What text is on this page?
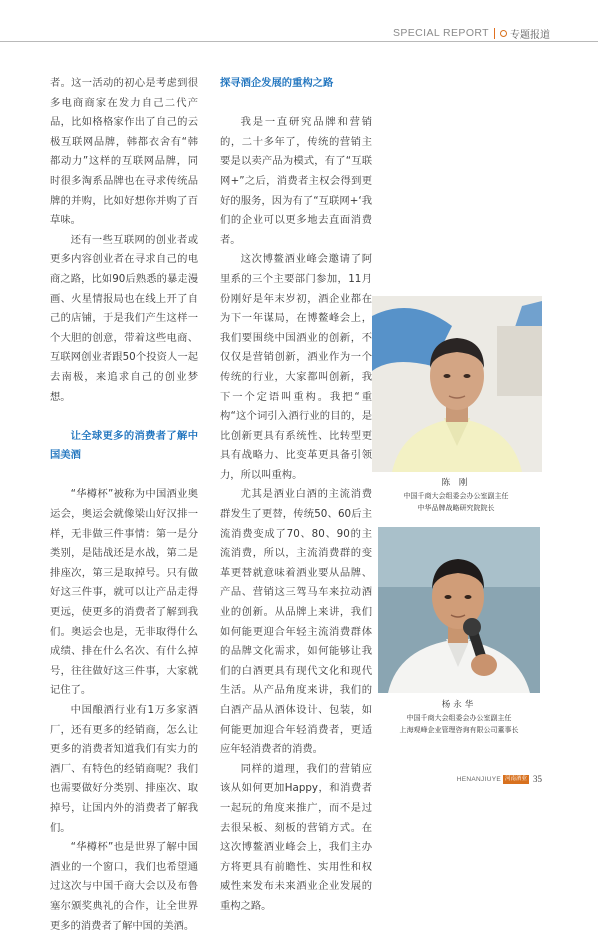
SPECIAL REPORT 专题报道

者。这一活动的初心是考虑到很多电商商家在发力自己二代产品，比如格格家作出了自己的云极互联网品牌，韩都衣舍有“韩都动力”这样的互联网品牌，同时很多淘系品牌也在寻求传统品牌的并购，比如好想你并购了百草味。

还有一些互联网的创业者或更多内容创业者在寻求自己的电商之路，比如90后熟悉的暴走漫画、火星情报局也在线上开了自己的店铺，于是我们产生这样一个大胆的创意，带着这些电商、互联网创业者跟50个投资人一起去南极，来追求自己的创业梦想。

让全球更多的消费者了解中国美酒

“华樽杯”被称为中国酒业奥运会，奥运会就像梁山好汉排一样，无非做三件事情：第一是分类别，是陆战还是水战，第二是排座次，第三是取掉号。只有做好这三件事，就可以让产品走得更远，使更多的消费者了解到我们。奥运会也是，无非取得什么成绩、排在什么名次、有什么掉号，往往做好这三件事，大家就记住了。

中国酿酒行业有1万多家酒厂，还有更多的经销商，怎么让更多的消费者知道我们有实力的酒厂、有特色的经销商呢？我们也需要做好分类别、排座次、取掉号，让国内外的消费者了解我们。

“华樽杯”也是世界了解中国酒业的一个窗口，我们也希望通过这次与中国千商大会以及布鲁塞尔颁奖典礼的合作，让全世界更多的消费者了解中国的美酒。

探寻酒企发展的重构之路

我是一直研究品牌和营销的，二十多年了，传统的营销主要是以卖产品为模式，有了“互联网+”之后，消费者主权会得到更好的服务，因为有了“互联网+‘我们的企业可以更多地去直面消费者。

这次博鳌酒业峰会邀请了阿里系的三个主要部门参加，11月份刚好是年末岁初，酒企业都在为下一年谋局，在博鳌峰会上，我们要围绕中国酒业的创新，不仅仅是营销创新，酒业作为一个传统的行业，大家都叫创新，我下一个定语叫重构。我把“重构“这个词引入酒行业的目的，是比创新更具有系统性、比转型更具有战略力、比变革更具备引领力，所以叫重构。

尤其是酒业白酒的主流消费群发生了更替，传统50、60后主流消费变成了70、80、90的主流消费，所以，主流消费群的变革更替就意味着酒业要从品牌、产品、营销这三驾马车来拉动酒业的创新。从品牌上来讲，我们如何能更迎合年轻主流消费群体的品牌文化需求，如何能够让我们的白酒更具有现代文化和现代生活。从产品角度来讲，我们的白酒产品从酒体设计、包装，如何能更加迎合年轻消费者，更适应年轻消费者的消费。

同样的道理，我们的营销应该从如何更加Happy，和消费者一起玩的角度来推广，而不是过去很呆板、刻板的营销方式。在这次博鳌酒业峰会上，我们主办方将更具有前瞻性、实用性和权威性来发布未来酒业企业发展的重构之路。

陈 刚
中国千商大会组委会办公室副主任
中华品牌战略研究院院长
杨永华
中国千商大会组委会办公室副主任
上海观峰企业管理咨询有限公司董事长
HENANJIUYE 河南酒业 35
